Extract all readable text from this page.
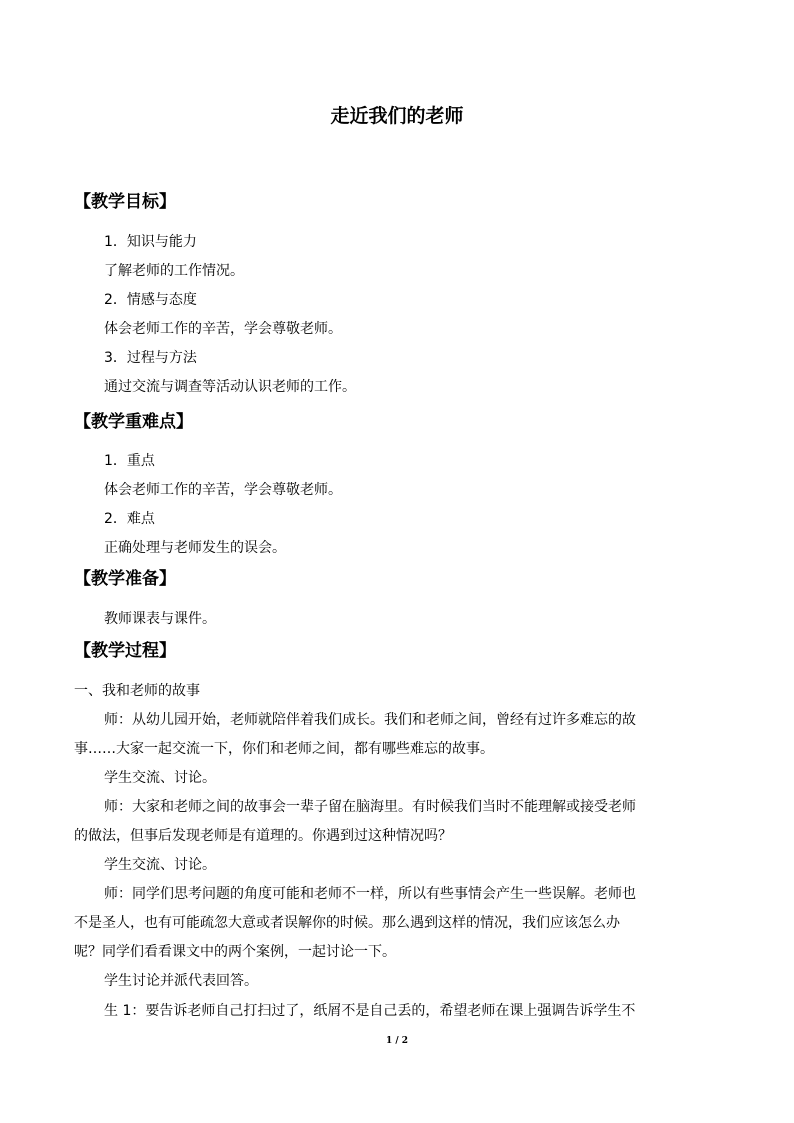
走近我们的老师
【教学目标】
1．知识与能力
了解老师的工作情况。
2．情感与态度
体会老师工作的辛苦，学会尊敬老师。
3．过程与方法
通过交流与调查等活动认识老师的工作。
【教学重难点】
1．重点
体会老师工作的辛苦，学会尊敬老师。
2．难点
正确处理与老师发生的误会。
【教学准备】
教师课表与课件。
【教学过程】
一、我和老师的故事
师：从幼儿园开始，老师就陪伴着我们成长。我们和老师之间，曾经有过许多难忘的故
事……大家一起交流一下，你们和老师之间，都有哪些难忘的故事。
学生交流、讨论。
师：大家和老师之间的故事会一辈子留在脑海里。有时候我们当时不能理解或接受老师
的做法，但事后发现老师是有道理的。你遇到过这种情况吗？
学生交流、讨论。
师：同学们思考问题的角度可能和老师不一样，所以有些事情会产生一些误解。老师也
不是圣人，也有可能疏忽大意或者误解你的时候。那么遇到这样的情况，我们应该怎么办
呢？同学们看看课文中的两个案例，一起讨论一下。
学生讨论并派代表回答。
生 1：要告诉老师自己打扫过了，纸屑不是自己丢的，希望老师在课上强调告诉学生不
1 / 2
